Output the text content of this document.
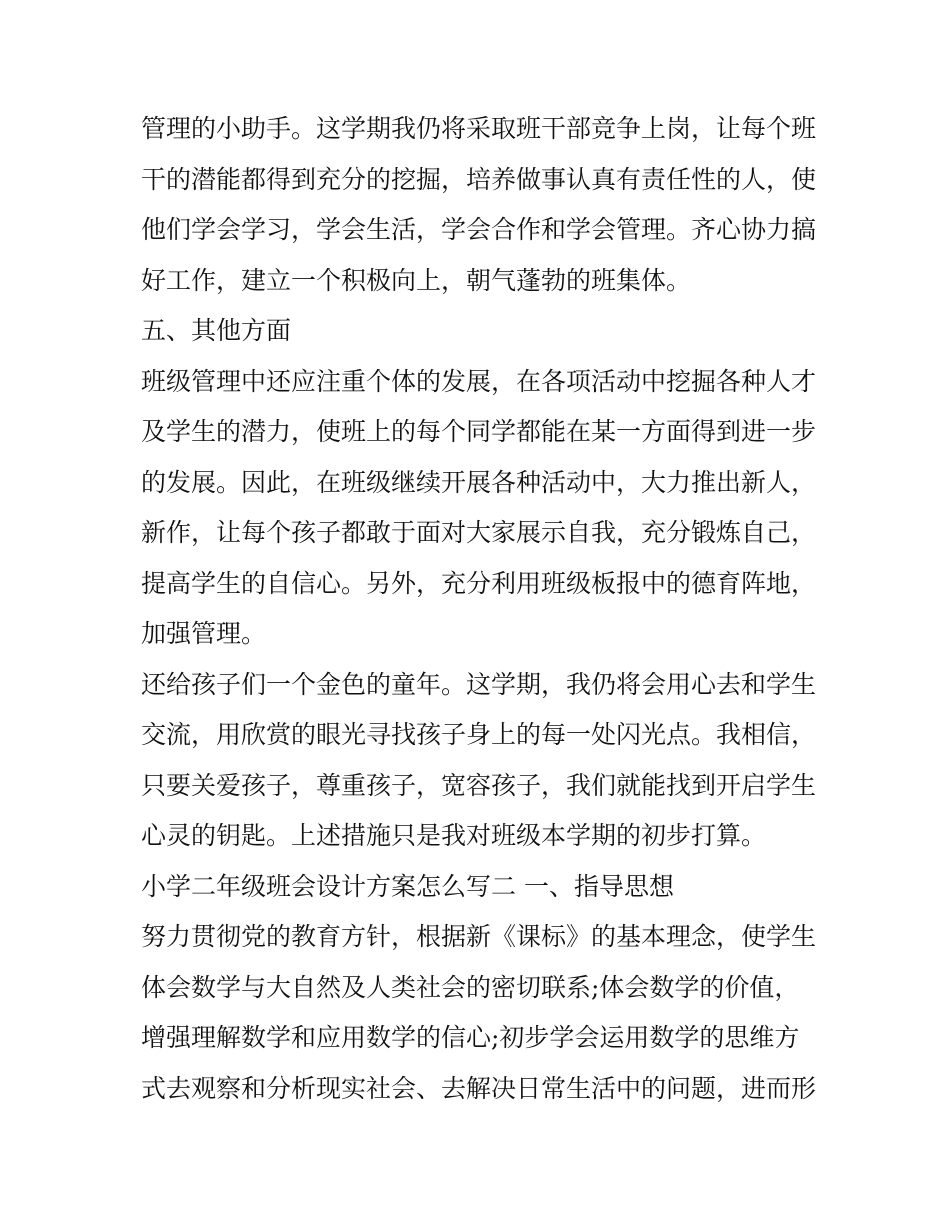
管理的小助手。这学期我仍将采取班干部竞争上岗，让每个班
干的潜能都得到充分的挖掘，培养做事认真有责任性的人，使
他们学会学习，学会生活，学会合作和学会管理。齐心协力搞
好工作，建立一个积极向上，朝气蓬勃的班集体。
五、其他方面
班级管理中还应注重个体的发展，在各项活动中挖掘各种人才
及学生的潜力，使班上的每个同学都能在某一方面得到进一步
的发展。因此，在班级继续开展各种活动中，大力推出新人，
新作，让每个孩子都敢于面对大家展示自我，充分锻炼自己，
提高学生的自信心。另外，充分利用班级板报中的德育阵地，
加强管理。
还给孩子们一个金色的童年。这学期，我仍将会用心去和学生
交流，用欣赏的眼光寻找孩子身上的每一处闪光点。我相信，
只要关爱孩子，尊重孩子，宽容孩子，我们就能找到开启学生
心灵的钥匙。上述措施只是我对班级本学期的初步打算。
小学二年级班会设计方案怎么写二 一、指导思想
努力贯彻党的教育方针，根据新《课标》的基本理念，使学生
体会数学与大自然及人类社会的密切联系;体会数学的价值，
增强理解数学和应用数学的信心;初步学会运用数学的思维方
式去观察和分析现实社会、去解决日常生活中的问题，进而形
